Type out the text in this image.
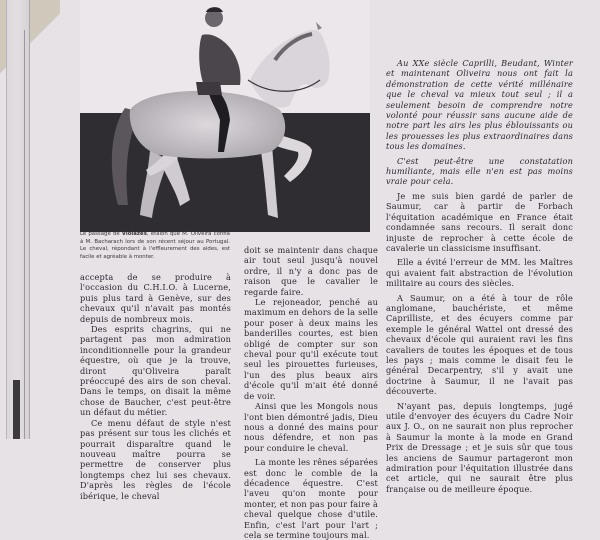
Le passage de Violazes, étalon que M. Oliveira confia à M. Bacharach lors de son récent séjour au Portugal. Le cheval, répondant à l'effleurement des aides, est facile et agréable à monter.

accepta de se produire à l'occasion du C.H.I.O. à Lucerne, puis plus tard à Genève, sur des chevaux qu'il n'avait pas montés depuis de nombreux mois.

Des esprits chagrins, qui ne partagent pas mon admiration inconditionnelle pour la grandeur équestre, où que je la trouve, diront qu'Oliveira paraît préoccupé des airs de son cheval. Dans le temps, on disait la même chose de Baucher, c'est peut-être un défaut du métier.

Ce menu défaut de style n'est pas présent sur tous les clichés et pourrait disparaître quand le nouveau maître pourra se permettre de conserver plus longtemps chez lui ses chevaux. D'après les règles de l'école ibérique, le cheval

doit se maintenir dans chaque air tout seul jusqu'à nouvel ordre, il n'y a donc pas de raison que le cavalier le regarde faire.

Le rejoneador, penché au maximum en dehors de la selle pour poser à deux mains les banderilles courtes, est bien obligé de compter sur son cheval pour qu'il exécute tout seul les pirouettes furieuses, l'un des plus beaux airs d'école qu'il m'ait été donné de voir.

Ainsi que les Mongols nous l'ont bien démontré jadis, Dieu nous a donné des mains pour nous défendre, et non pas pour conduire le cheval.

La monte les rênes séparées est donc le comble de la décadence équestre. C'est l'aveu qu'on monte pour monter, et non pas pour faire à cheval quelque chose d'utile. Enfin, c'est l'art pour l'art ; cela se termine toujours mal.

Au XXe siècle Caprilli, Beudant, Winter et maintenant Oliveira nous ont fait la démonstration de cette vérité millénaire que le cheval va mieux tout seul ; il a seulement besoin de comprendre notre volonté pour réussir sans aucune aide de notre part les airs les plus éblouissants ou les prouesses les plus extraordinaires dans tous les domaines.

C'est peut-être une constatation humiliante, mais elle n'en est pas moins vraie pour cela.

Je me suis bien gardé de parler de Saumur, car à partir de Forbach l'équitation académique en France était condamnée sans recours. Il serait donc injuste de reprocher à cette école de cavalerie un classicisme insuffisant.

Elle a évité l'erreur de MM. les Maîtres qui avaient fait abstraction de l'évolution militaire au cours des siècles.

A Saumur, on a été à tour de rôle anglomane, bauchériste, et même Caprilliste, et des écuyers comme par exemple le général Wattel ont dressé des chevaux d'école qui auraient ravi les fins cavaliers de toutes les époques et de tous les pays ; mais comme le disait feu le général Decarpentry, s'il y avait une doctrine à Saumur, il ne l'avait pas découverte.

N'ayant pas, depuis longtemps, jugé utile d'envoyer des écuyers du Cadre Noir aux J. O., on ne saurait non plus reprocher à Saumur la monte à la mode en Grand Prix de Dressage ; et je suis sûr que tous les anciens de Saumur partageront mon admiration pour l'équitation illustrée dans cet article, qui ne saurait être plus française ou de meilleure époque.
